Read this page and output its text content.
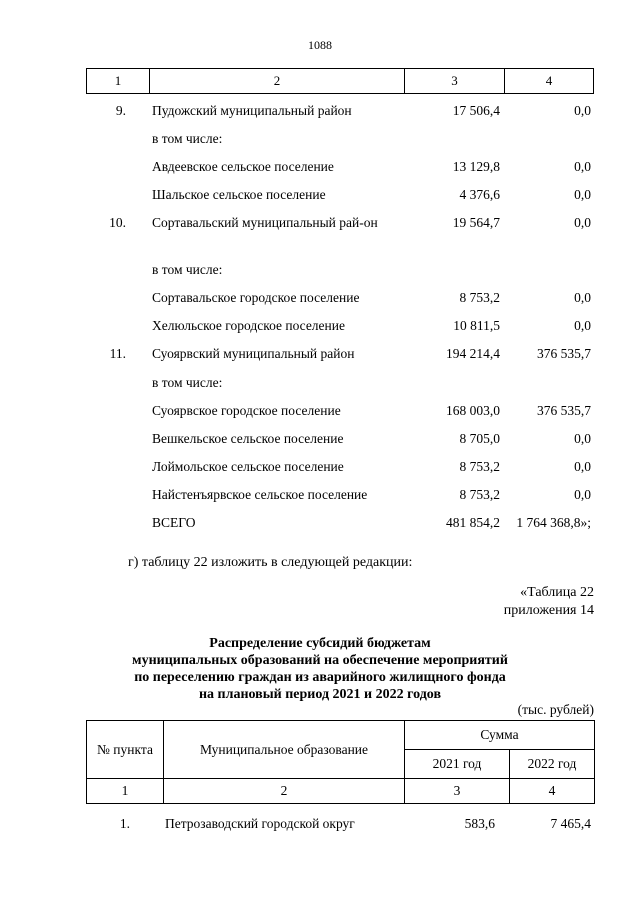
1088
1	2	3	4
9. Пудожский муниципальный район	17 506,4	0,0
в том числе:
Авдеевское сельское поселение	13 129,8	0,0
Шальское сельское поселение	4 376,6	0,0
10. Сортавальский муниципальный рай-он	19 564,7	0,0
в том числе:
Сортавальское городское поселение	8 753,2	0,0
Хелюльское городское поселение	10 811,5	0,0
11. Суоярвский муниципальный район	194 214,4	376 535,7
в том числе:
Суоярвское городское поселение	168 003,0	376 535,7
Вешкельское сельское поселение	8 705,0	0,0
Лоймольское сельское поселение	8 753,2	0,0
Найстенъярвское сельское поселение	8 753,2	0,0
ВСЕГО	481 854,2	1 764 368,8»;
г) таблицу 22 изложить в следующей редакции:
«Таблица 22
приложения 14
Распределение субсидий бюджетам
муниципальных образований на обеспечение мероприятий
по переселению граждан из аварийного жилищного фонда
на плановый период 2021 и 2022 годов
(тыс. рублей)
№ пункта	Муниципальное образование	Сумма	
		2021 год	2022 год
1	2	3	4
1.	Петрозаводский городской округ	583,6	7 465,4
